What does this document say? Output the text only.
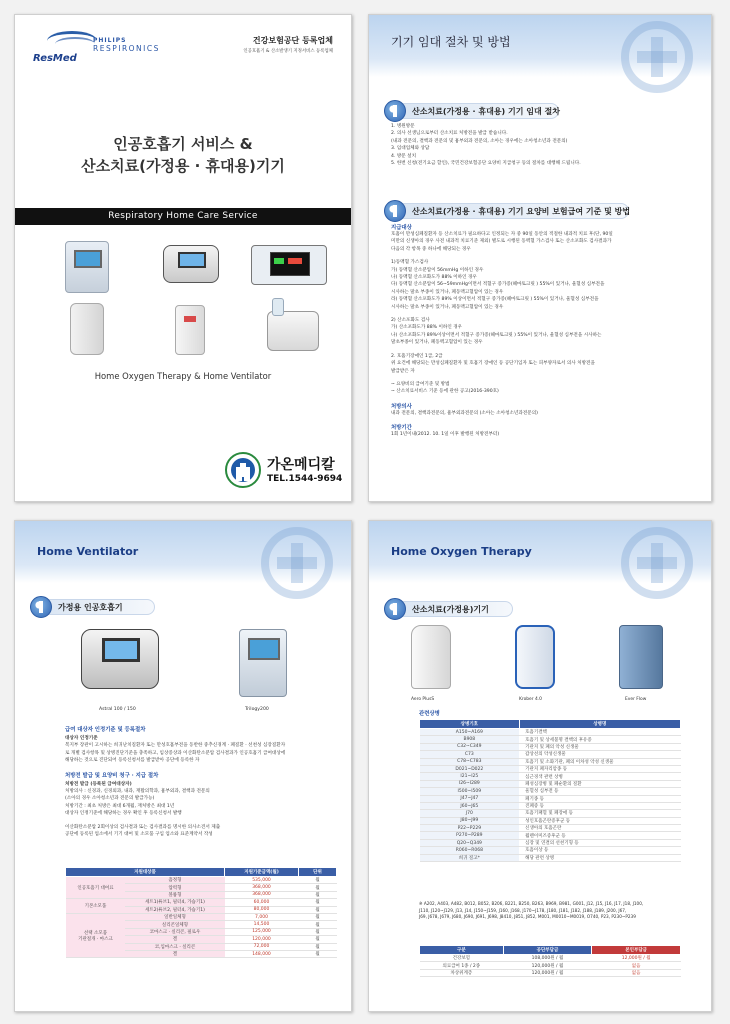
ResMed
PHILIPS
RESPIRONICS
건강보험공단 등록업체
인공호흡기 & 산소발생기 지정서비스 등록업체
인공호흡기 서비스 &
산소치료(가정용 · 휴대용)기기
Respiratory Home Care Service
Home Oxygen Therapy & Home Ventilator
가온메디칼
TEL.1544-9694
기기 임대 절차 및 방법
산소치료(가정용 · 휴대용) 기기 임대 절차
1. 병원방문
2. 의사 선생님으로부터 산소치료 처방전을 발급 받습니다.
(내과 전문의, 결핵과 전문의 및 흉부외과 전문의, 소아는 경우에는 소아청소년과 전문의)
3. 임대업체와 상담
4. 방문 설치
5. 한번 신청(전기요금 할인), 국민건강보험공단 요양비 지급청구 등의 절차를 대행해 드립니다.
산소치료(가정용 · 휴대용) 기기 요양비 보험급여 기준 및 방법
지급대상
호흡이 만성심폐질환자 등 산소치료가 필요하다고 인정되는 자 중 90일 동안의 적절한 내과적 치료 후(단, 90일
미만의 신생아의 경우 사전 내과적 치료기준 제외) 별도로 시행된 동맥혈 가스검사 또는 산소포화도 검사결과가
다음의 각 항목 중 하나에 해당되는 경우
1)동맥혈 가스검사
가) 동맥혈 산소분압이 56mmHg 이하인 경우
나) 동맥혈 산소포화도가 88% 이하인 경우
다) 동맥혈 산소분압이 56~59mmHg이면서 적혈구 증가증(헤마토크릿 ) 55%이 있거나, 울혈성 심부전을
시사하는 말초 부종이 있거나, 폐동맥고혈압이 있는 경우
라) 동맥혈 산소포화도가 89% 이상이면서 적혈구 증가증(헤마토크릿 ) 55%이 있거나, 울혈성 심부전을
시사하는 말초 부종이 있거나, 폐동맥고혈압이 있는 경우
2) 산소포화도 검사
가) 산소포화도가 88% 이하인 경우
나) 산소포화도가 89%이상이면서 적혈구 증가증(헤마토크릿 ) 55%이 있거나, 울혈성 심부전을 시사하는
말초부종이 있거나, 폐동맥고혈압이 있는 경우
2. 호흡기장애인 1급, 2급
위 요건에 해당되는 만성심폐질환자 및 호흡기 장애인 등 공단기입자 또는 피부양자로서 의사 처방전을
발급받은 자
~ 요양비의 급여기준 및 방법
~ 산소치료서비스 기준 등에 관한 공고(2016-390호)
처방의사
내과 전문의, 결핵과전문의, 흉부외과전문의 (소아는 소아청소년과전문의)
처방기간
1회 1년이내(2012. 10. 1일 이후 발행된 처방전부터)
Home Ventilator
가정용 인공호흡기
Astral 100 / 150	Trilogy200
급여 대상자 인정기준 및 등록절차
대상자 인정기준
복지부 장관이 고시하는 희귀난치질환자 또는 만성호흡부전을 동반한 중추신경계 · 폐질환 · 선천성 심장질환자
로 개별 검사항목 및 상병진단기준을 충족하고, 임상증상과 이산화탄소분압 검사결과가 인공호흡기 급여대상에
해당하는 것으로 진단되어 등록신청서를 발급받아 공단에 등록한 자
처방전 발급 및 요양비 청구 · 지급 절차
처방전 발급 (등록된 급여대상자)
처방의사 : 신경과, 신경외과, 내과, 재활의학과, 흉부외과, 결핵과 전문의
(소아의 경우 소아청소년과 전문의 발급가능)
처방기간 : 최초 처방은 최대 6개월, 재처방은 최대 1년
대상자 인정기준에 해당하는 경우 확인 후 등록신청서 발행
이산화탄소분압 2회이상의 검사결과 또는 검사결과를 명시한 의사소견서 제출
공단에 등록된 업소에서 기기 대여 및 소모품 구입 업소와 표준계약서 작성
지원대상품		지원기준금액(월)	단위
인공호흡기 대여료	흡정형	535,000	월
	압력형	368,000	월
	볼륨형	368,000	월
기본소모품	세트1(튜브1, 필터4, 가습기1)	60,000	월
	세트2(튜브2, 필터4, 가습기1)	80,000	월
선택 소모품
기관절개 · 마스크	일반일체형	7,000	월
	실리콘일체형	14,500	월
	코마스크 · 실리콘, 필로우	125,000	월
	겔	120,000	월
	코,입마스크 · 실리콘	72,000	월
	겔	148,000	월
Home Oxygen Therapy
산소치료(가정용)기기
Aero PlusS	Krober 4.0	Ever Flow
관련상병
상병기호	상병명
A150~A169	호흡기결핵
B908	호흡기 및 상세불명 결핵의 후유증
C32~C349	기관지 및 폐의 악성 신생물
C73	갑상선의 악성신생물
C78~C783	호흡기 및 소화기관, 폐의 이차성 악성 신생물
D021~D022	기관지 폐자리암종 등
I21~I25	심근경색 관련 상병
I26~I289	폐성심장병 및 폐순환의 질환
I500~I509	울혈성 심부전 등
J47~J47	폐기종 등
J60~J65	진폐증 등
J70	호흡기패혈 및 폐장애 등
J80~J99	성인호흡곤란증후군 등
P22~P229	신생아의 호흡곤란
P270~P289	월렌이미즈증후군 등
Q20~Q349	심장 및 연결의 선천기형 등
R060~R068	호흡이상 등
희귀 질고*	해당 관련 상병
※ A202, A403, A482, B012, B052, B206, B221, B250, B263, B969, B981, G001, J12, J15, J16, J17, J18, J100,
J110, J120~J129, J13, J14, J150~J159, J160, J168, J170~J178, J180, J181, J182, J188, J189, J200, J67,
J69, J678, J679, J680, J690, J691, J698, J8410, J851, J852, M001, M0010~M0019, O740, P23, P230~P239
구분	공단부담금	본인부담금
건강보험	108,000원 / 월	12,000원 / 월
의료급여 1종 / 2종	120,000원 / 월	없음
차상위계층	120,000원 / 월	없음
